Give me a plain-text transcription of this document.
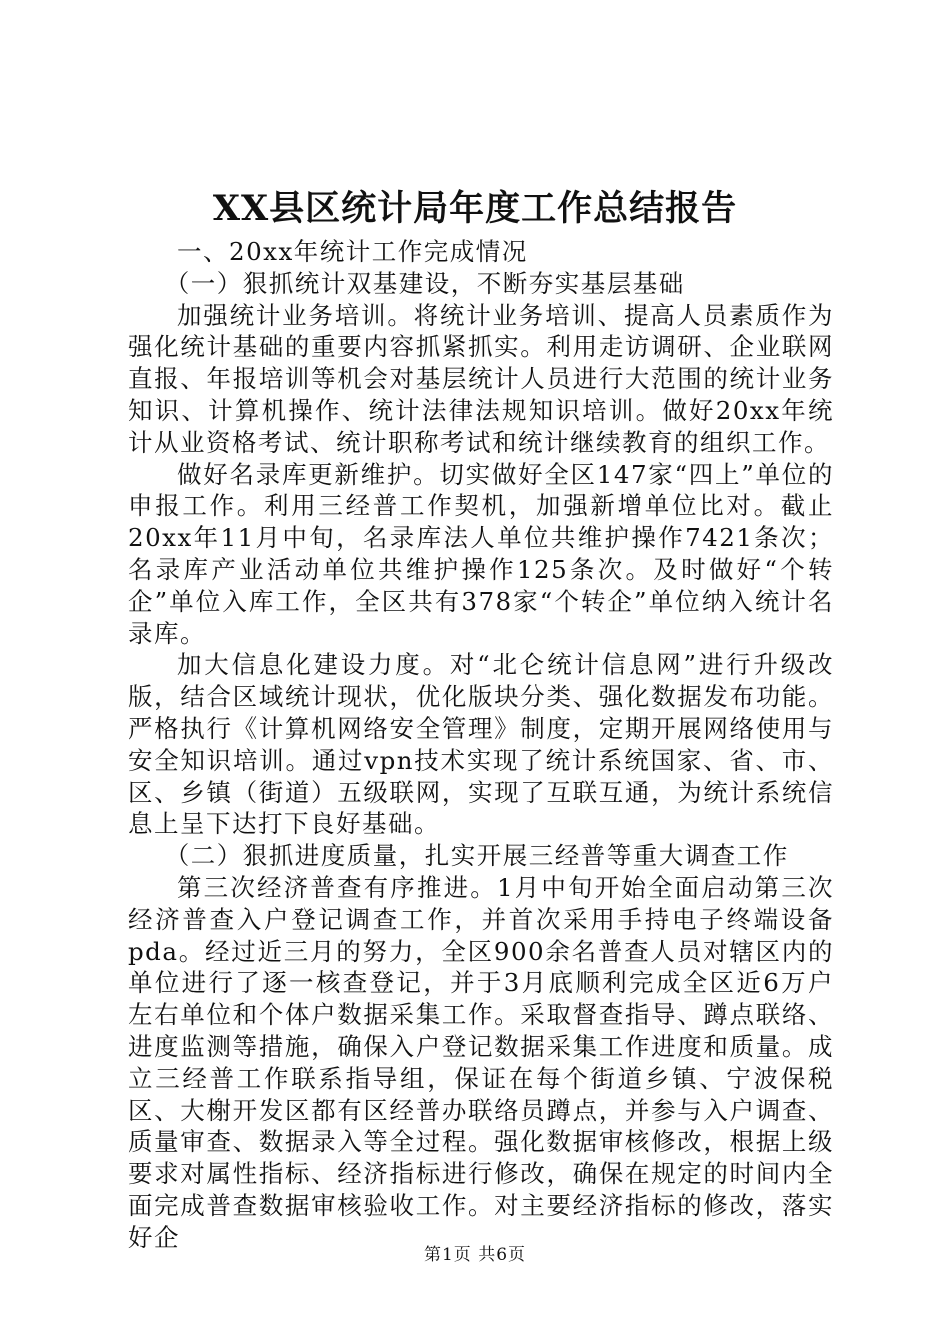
XX县区统计局年度工作总结报告

一、20xx年统计工作完成情况

（一）狠抓统计双基建设，不断夯实基层基础

加强统计业务培训。将统计业务培训、提高人员素质作为强化统计基础的重要内容抓紧抓实。利用走访调研、企业联网直报、年报培训等机会对基层统计人员进行大范围的统计业务知识、计算机操作、统计法律法规知识培训。做好20xx年统计从业资格考试、统计职称考试和统计继续教育的组织工作。

做好名录库更新维护。切实做好全区147家“四上”单位的申报工作。利用三经普工作契机，加强新增单位比对。截止20xx年11月中旬，名录库法人单位共维护操作7421条次；名录库产业活动单位共维护操作125条次。及时做好“个转企”单位入库工作，全区共有378家“个转企”单位纳入统计名录库。

加大信息化建设力度。对“北仑统计信息网”进行升级改版，结合区域统计现状，优化版块分类、强化数据发布功能。严格执行《计算机网络安全管理》制度，定期开展网络使用与安全知识培训。通过vpn技术实现了统计系统国家、省、市、区、乡镇（街道）五级联网，实现了互联互通，为统计系统信息上呈下达打下良好基础。

（二）狠抓进度质量，扎实开展三经普等重大调查工作

第三次经济普查有序推进。1月中旬开始全面启动第三次经济普查入户登记调查工作，并首次采用手持电子终端设备pda。经过近三月的努力，全区900余名普查人员对辖区内的单位进行了逐一核查登记，并于3月底顺利完成全区近6万户左右单位和个体户数据采集工作。采取督查指导、蹲点联络、进度监测等措施，确保入户登记数据采集工作进度和质量。成立三经普工作联系指导组，保证在每个街道乡镇、宁波保税区、大榭开发区都有区经普办联络员蹲点，并参与入户调查、质量审查、数据录入等全过程。强化数据审核修改，根据上级要求对属性指标、经济指标进行修改，确保在规定的时间内全面完成普查数据审核验收工作。对主要经济指标的修改，落实好企

第1页 共6页
